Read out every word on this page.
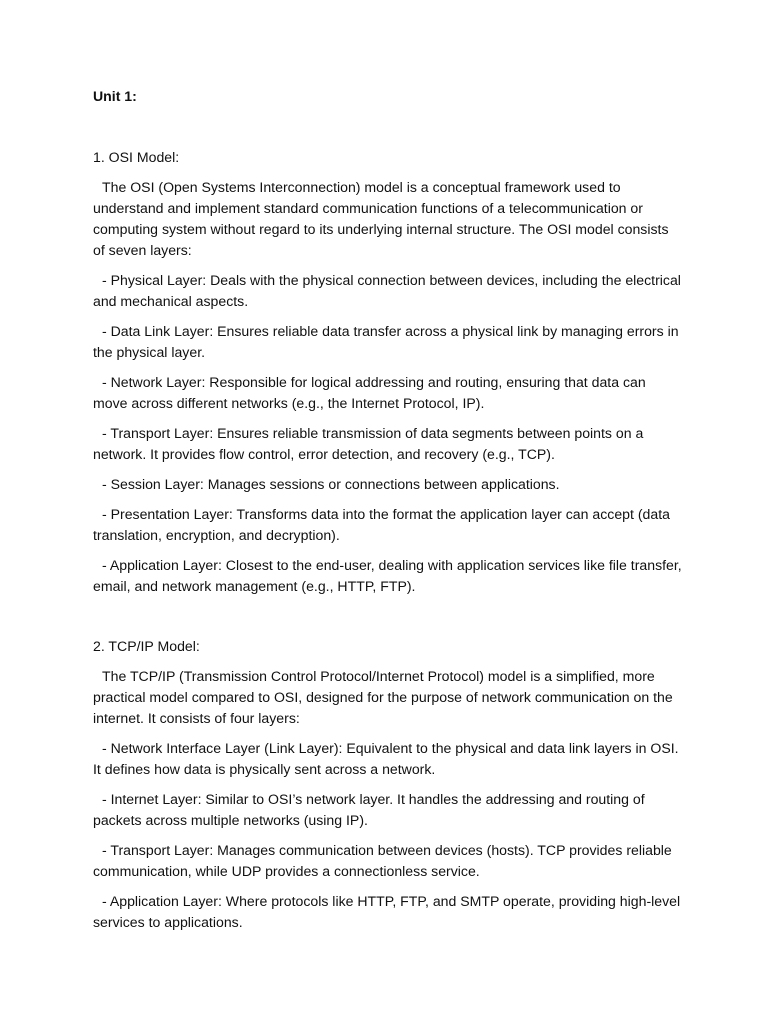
Unit 1:
1. OSI Model:
The OSI (Open Systems Interconnection) model is a conceptual framework used to understand and implement standard communication functions of a telecommunication or computing system without regard to its underlying internal structure. The OSI model consists of seven layers:
- Physical Layer: Deals with the physical connection between devices, including the electrical and mechanical aspects.
- Data Link Layer: Ensures reliable data transfer across a physical link by managing errors in the physical layer.
- Network Layer: Responsible for logical addressing and routing, ensuring that data can move across different networks (e.g., the Internet Protocol, IP).
- Transport Layer: Ensures reliable transmission of data segments between points on a network. It provides flow control, error detection, and recovery (e.g., TCP).
- Session Layer: Manages sessions or connections between applications.
- Presentation Layer: Transforms data into the format the application layer can accept (data translation, encryption, and decryption).
- Application Layer: Closest to the end-user, dealing with application services like file transfer, email, and network management (e.g., HTTP, FTP).
2. TCP/IP Model:
The TCP/IP (Transmission Control Protocol/Internet Protocol) model is a simplified, more practical model compared to OSI, designed for the purpose of network communication on the internet. It consists of four layers:
- Network Interface Layer (Link Layer): Equivalent to the physical and data link layers in OSI. It defines how data is physically sent across a network.
- Internet Layer: Similar to OSI’s network layer. It handles the addressing and routing of packets across multiple networks (using IP).
- Transport Layer: Manages communication between devices (hosts). TCP provides reliable communication, while UDP provides a connectionless service.
- Application Layer: Where protocols like HTTP, FTP, and SMTP operate, providing high-level services to applications.
